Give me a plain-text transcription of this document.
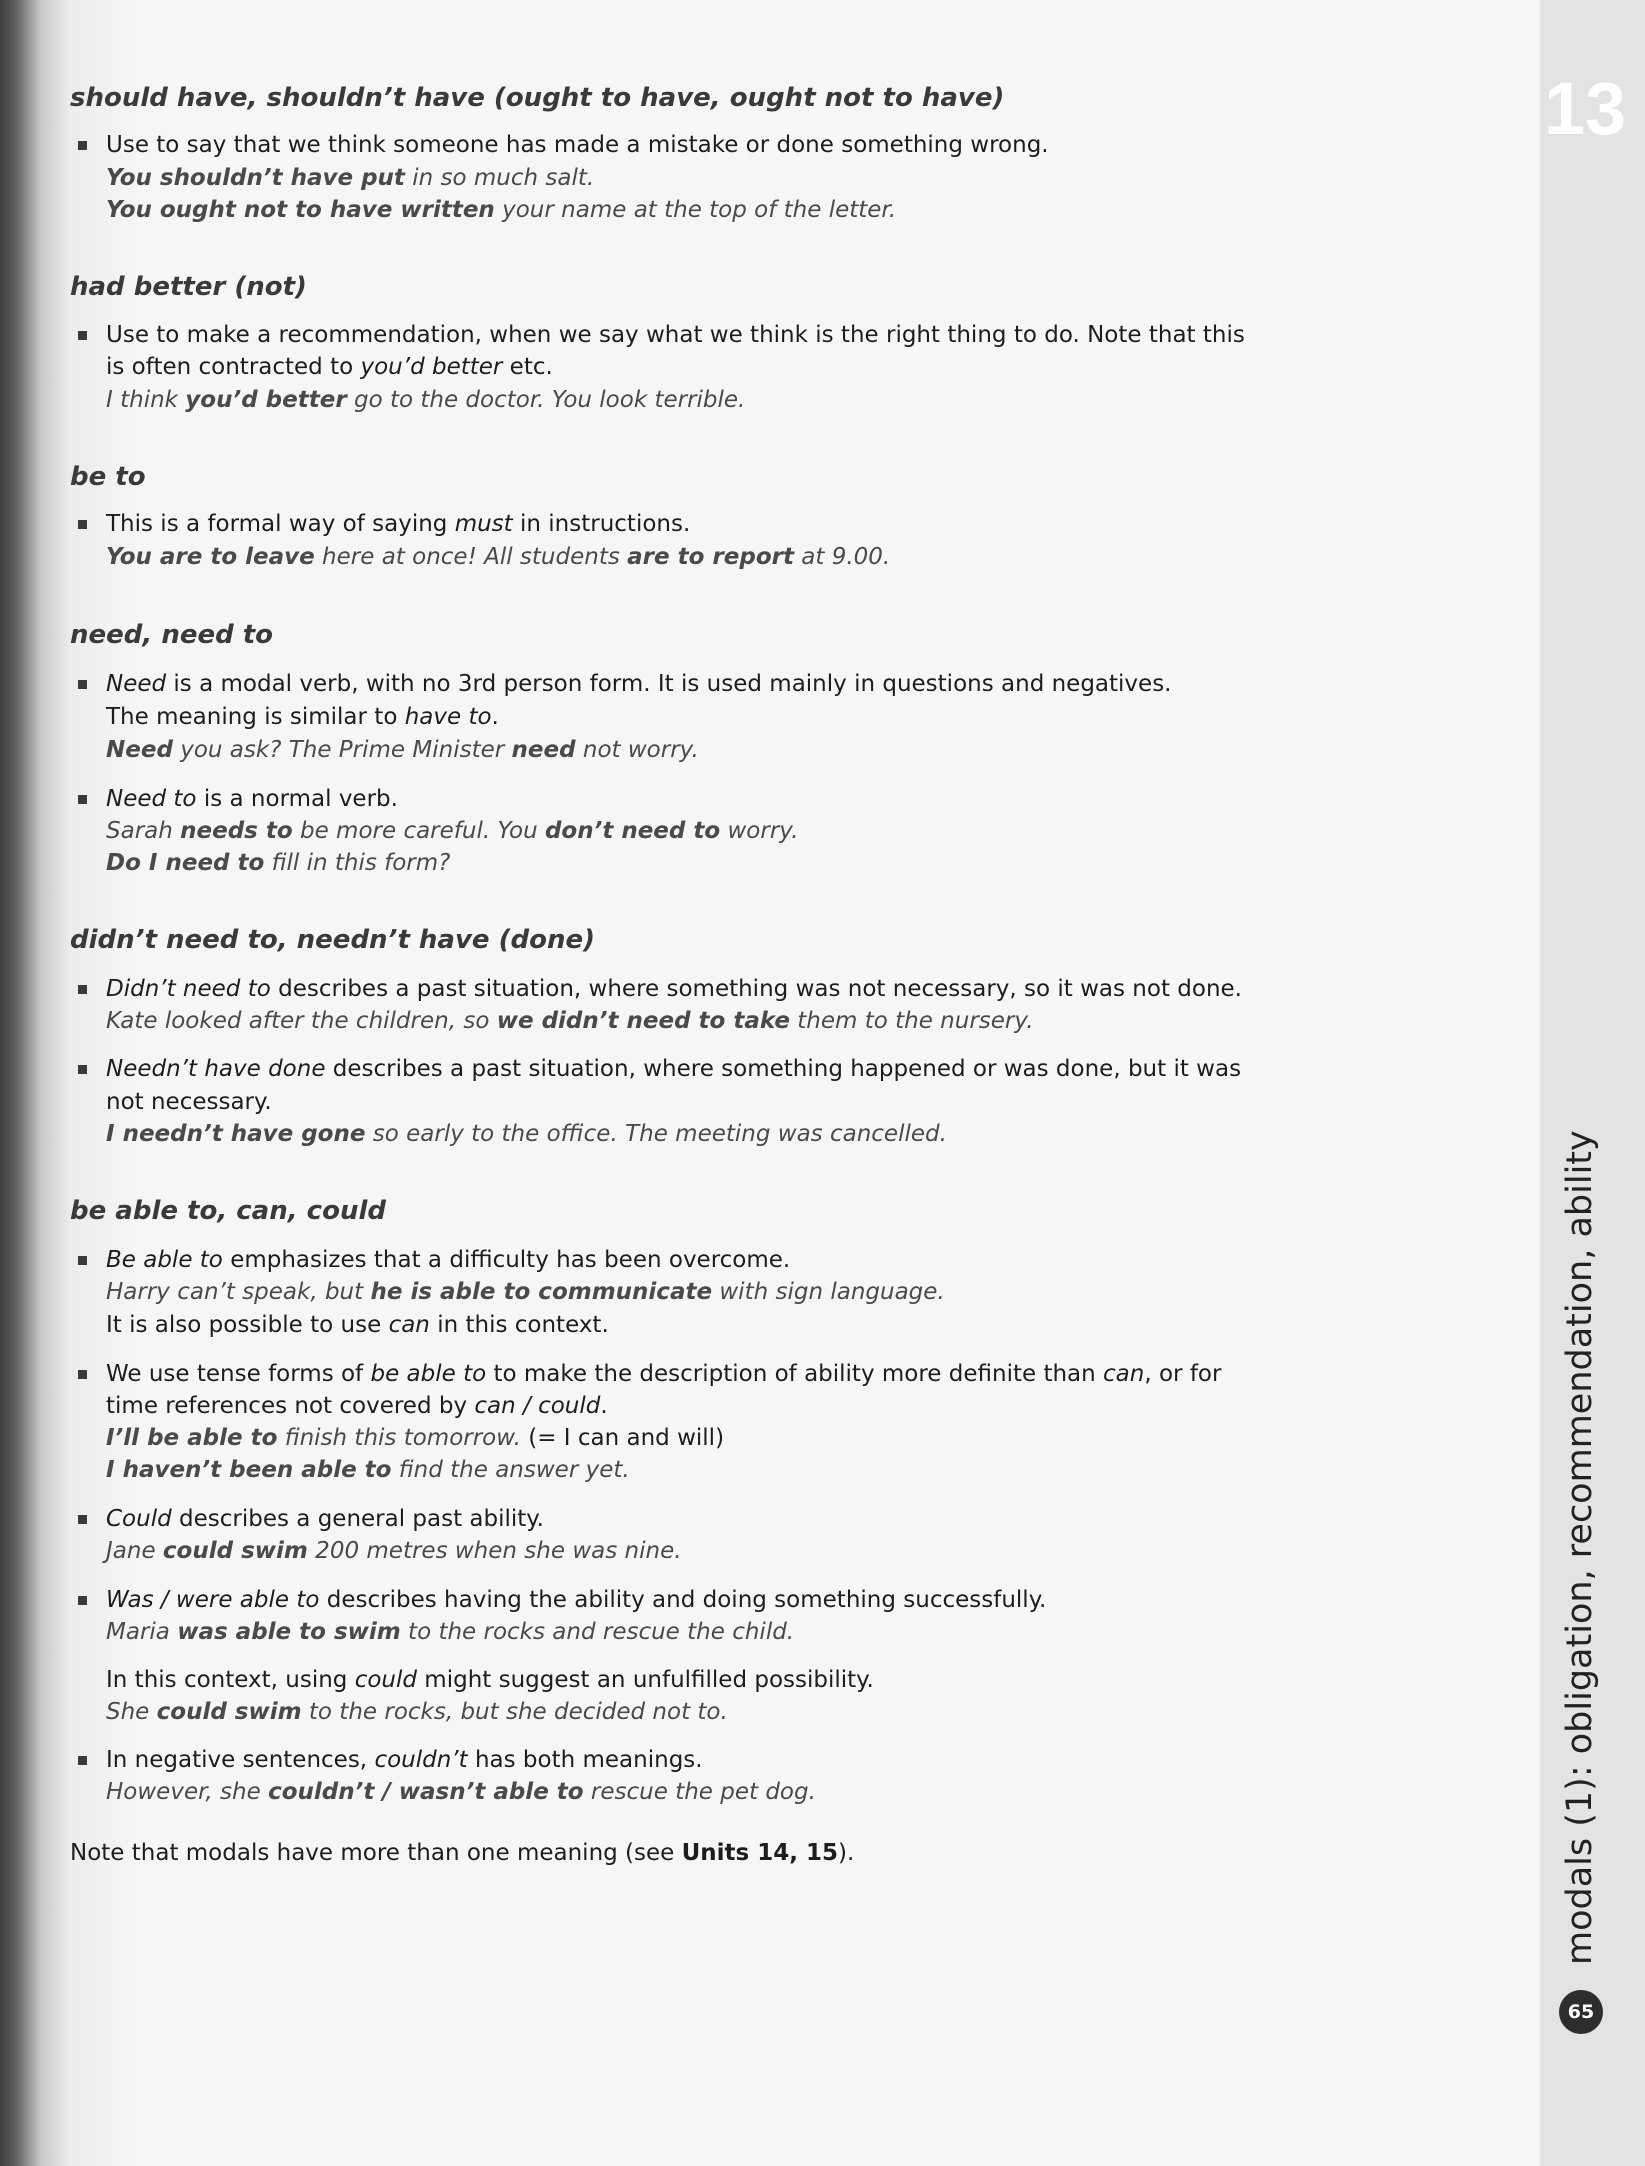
13
modals (1): obligation, recommendation, ability
65
should have, shouldn’t have (ought to have, ought not to have)
Use to say that we think someone has made a mistake or done something wrong.
You shouldn’t have put in so much salt.
You ought not to have written your name at the top of the letter.
had better (not)
Use to make a recommendation, when we say what we think is the right thing to do. Note that this
is often contracted to you’d better etc.
I think you’d better go to the doctor. You look terrible.
be to
This is a formal way of saying must in instructions.
You are to leave here at once! All students are to report at 9.00.
need, need to
Need is a modal verb, with no 3rd person form. It is used mainly in questions and negatives.
The meaning is similar to have to.
Need you ask? The Prime Minister need not worry.
Need to is a normal verb.
Sarah needs to be more careful. You don’t need to worry.
Do I need to fill in this form?
didn’t need to, needn’t have (done)
Didn’t need to describes a past situation, where something was not necessary, so it was not done.
Kate looked after the children, so we didn’t need to take them to the nursery.
Needn’t have done describes a past situation, where something happened or was done, but it was
not necessary.
I needn’t have gone so early to the office. The meeting was cancelled.
be able to, can, could
Be able to emphasizes that a difficulty has been overcome.
Harry can’t speak, but he is able to communicate with sign language.
It is also possible to use can in this context.
We use tense forms of be able to to make the description of ability more definite than can, or for
time references not covered by can / could.
I’ll be able to finish this tomorrow. (= I can and will)
I haven’t been able to find the answer yet.
Could describes a general past ability.
Jane could swim 200 metres when she was nine.
Was / were able to describes having the ability and doing something successfully.
Maria was able to swim to the rocks and rescue the child.
In this context, using could might suggest an unfulfilled possibility.
She could swim to the rocks, but she decided not to.
In negative sentences, couldn’t has both meanings.
However, she couldn’t / wasn’t able to rescue the pet dog.
Note that modals have more than one meaning (see Units 14, 15).
